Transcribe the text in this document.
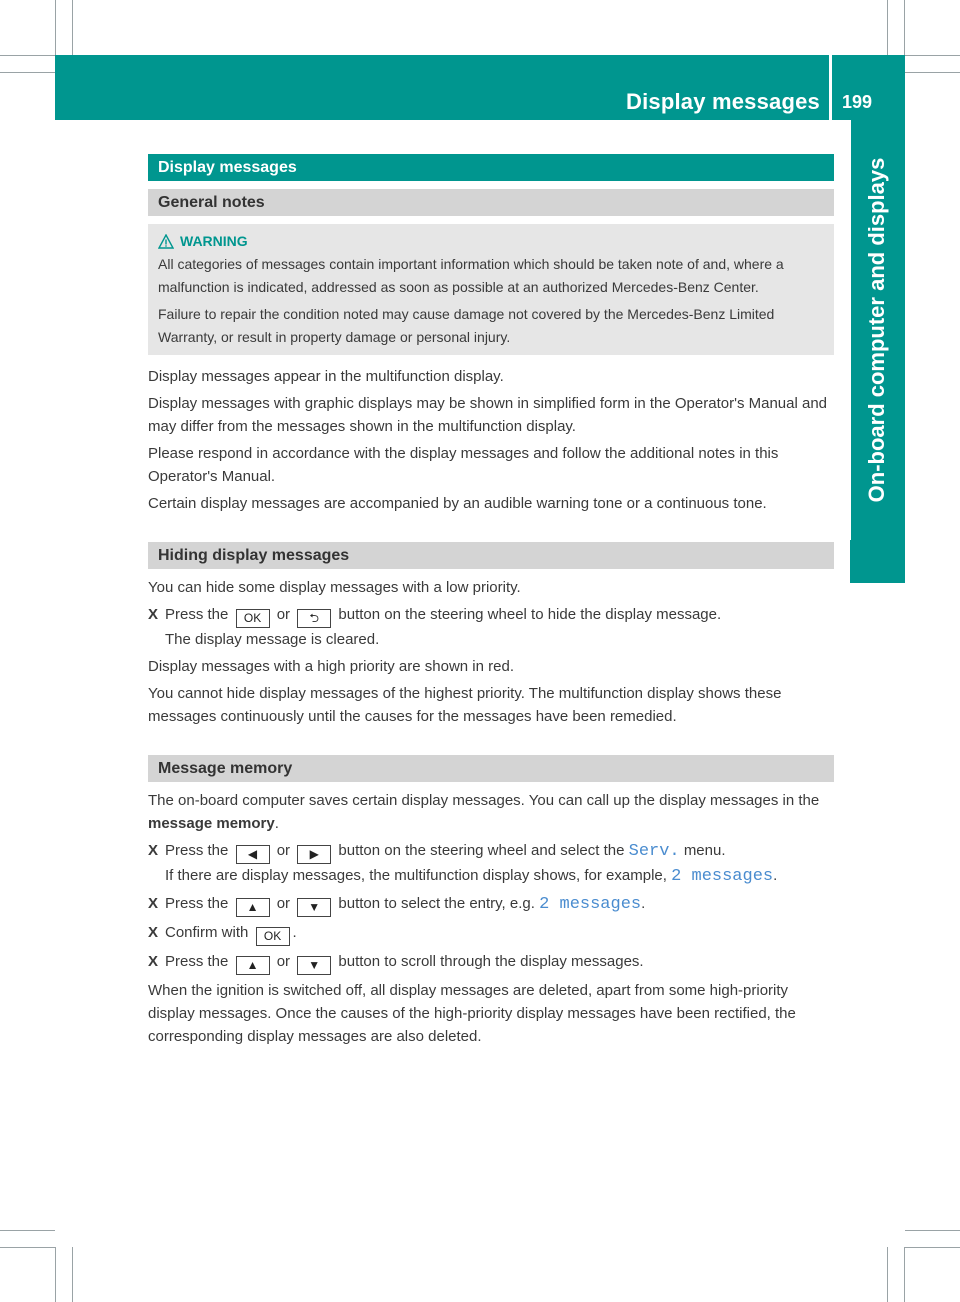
Display messages 199
On-board computer and displays
Display messages
General notes
WARNING

All categories of messages contain important information which should be taken note of and, where a malfunction is indicated, addressed as soon as possible at an authorized Mercedes-Benz Center.

Failure to repair the condition noted may cause damage not covered by the Mercedes-Benz Limited Warranty, or result in property damage or personal injury.

Display messages appear in the multifunction display.

Display messages with graphic displays may be shown in simplified form in the Operator's Manual and may differ from the messages shown in the multifunction display.

Please respond in accordance with the display messages and follow the additional notes in this Operator's Manual.

Certain display messages are accompanied by an audible warning tone or a continuous tone.

Hiding display messages

You can hide some display messages with a low priority.

X Press the OK or ⮌ button on the steering wheel to hide the display message.
The display message is cleared.

Display messages with a high priority are shown in red.

You cannot hide display messages of the highest priority. The multifunction display shows these messages continuously until the causes for the messages have been remedied.

Message memory

The on-board computer saves certain display messages. You can call up the display messages in the message memory.

X Press the ◀ or ▶ button on the steering wheel and select the Serv. menu.
If there are display messages, the multifunction display shows, for example, 2 messages.
X Press the ▲ or ▼ button to select the entry, e.g. 2 messages.
X Confirm with OK .
X Press the ▲ or ▼ button to scroll through the display messages.

When the ignition is switched off, all display messages are deleted, apart from some high-priority display messages. Once the causes of the high-priority display messages have been rectified, the corresponding display messages are also deleted.
